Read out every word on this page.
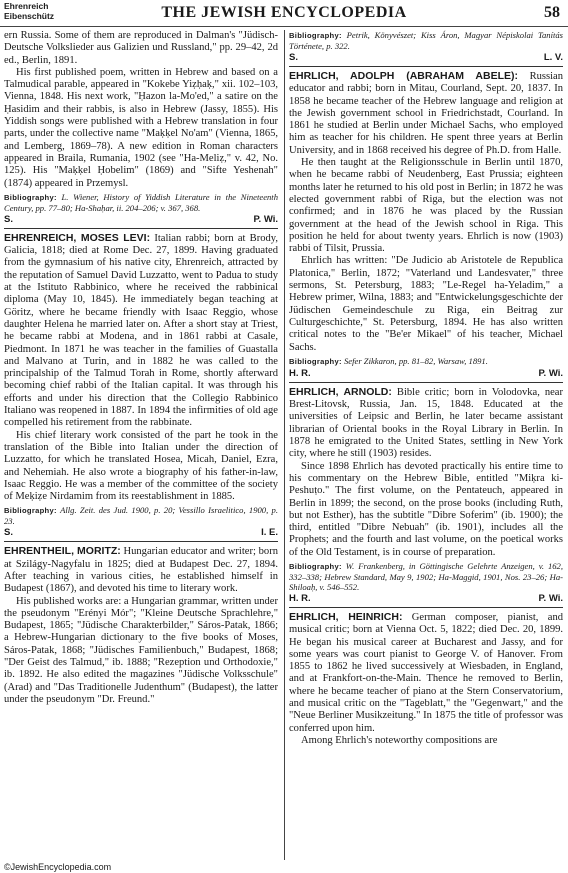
Ehrenreich
Eibenschütz	THE JEWISH ENCYCLOPEDIA	58

ern Russia. Some of them are reproduced in Dalman's "Jüdisch-Deutsche Volkslieder aus Galizien und Russland," pp. 29–42, 2d ed., Berlin, 1891.

His first published poem, written in Hebrew and based on a Talmudical parable, appeared in "Kokebe Yiẓḥaḳ," xii. 102–103, Vienna, 1848. His next work, "Ḥazon la-Mo'ed," a satire on the Ḥasidim and their rabbis, is also in Hebrew (Jassy, 1855). His Yiddish songs were published with a Hebrew translation in four parts, under the collective name "Maḳḳel No'am" (Vienna, 1865, and Lemberg, 1869–78). A new edition in Roman characters appeared in Braila, Rumania, 1902 (see "Ha-Meliẓ," v. 42, No. 125). His "Maḳḳel Ḥobelim" (1869) and "Sifte Yeshenah" (1874) appeared in Przemysl.

Bibliography: L. Wiener, History of Yiddish Literature in the Nineteenth Century, pp. 77–80; Ha-Shaḥar, ii. 204–206; v. 367, 368.

S.	P. Wi.

EHRENREICH, MOSES LEVI: Italian rabbi; born at Brody, Galicia, 1818; died at Rome Dec. 27, 1899. Having graduated from the gymnasium of his native city, Ehrenreich, attracted by the reputation of Samuel David Luzzatto, went to Padua to study at the Istituto Rabbinico, where he received the rabbinical diploma (May 10, 1845). He immediately began teaching at Göritz, where he became friendly with Isaac Reggio, whose daughter Helena he married later on. After a short stay at Triest, he became rabbi at Modena, and in 1861 rabbi at Casale, Piedmont. In 1871 he was teacher in the families of Guastalla and Malvano at Turin, and in 1882 he was called to the principalship of the Talmud Torah in Rome, shortly afterward becoming chief rabbi of the Italian capital. It was through his efforts and under his direction that the Collegio Rabbinico Italiano was reopened in 1887. In 1894 the infirmities of old age compelled his retirement from the rabbinate.

His chief literary work consisted of the part he took in the translation of the Bible into Italian under the direction of Luzzatto, for which he translated Hosea, Micah, Daniel, Ezra, and Nehemiah. He also wrote a biography of his father-in-law, Isaac Reggio. He was a member of the committee of the society of Meḳiẓe Nirdamim from its reestablishment in 1885.

Bibliography: Allg. Zeit. des Jud. 1900, p. 20; Vessillo Israelitico, 1900, p. 23.

S.	I. E.

EHRENTHEIL, MORITZ: Hungarian educator and writer; born at Szilágy-Nagyfalu in 1825; died at Budapest Dec. 27, 1894. After teaching in various cities, he established himself in Budapest (1867), and devoted his time to literary work.

His published works are: a Hungarian grammar, written under the pseudonym "Erényi Mór"; "Kleine Deutsche Sprachlehre," Budapest, 1865; "Jüdische Charakterbilder," Sáros-Patak, 1866; a Hebrew-Hungarian dictionary to the five books of Moses, Sáros-Patak, 1868; "Jüdisches Familienbuch," Budapest, 1868; "Der Geist des Talmud," ib. 1888; "Rezeption und Orthodoxie," ib. 1892. He also edited the magazines "Jüdische Volksschule" (Arad) and "Das Traditionelle Judenthum" (Budapest), the latter under the pseudonym "Dr. Freund."

Bibliography: Petrik, Könyvészet; Kiss Áron, Magyar Népiskolai Tanítás Története, p. 322.

S.	L. V.

EHRLICH, ADOLPH (ABRAHAM ABELE): Russian educator and rabbi; born in Mitau, Courland, Sept. 20, 1837. In 1858 he became teacher of the Hebrew language and religion at the Jewish government school in Friedrichstadt, Courland. In 1861 he studied at Berlin under Michael Sachs, who employed him as teacher for his children. He spent three years at Berlin University, and in 1868 received his degree of Ph.D. from Halle.

He then taught at the Religionsschule in Berlin until 1870, when he became rabbi of Neudenberg, East Prussia; eighteen months later he returned to his old post in Berlin; in 1872 he was elected government rabbi of Riga, but the election was not confirmed; and in 1876 he was placed by the Russian government at the head of the Jewish school in Riga. This position he held for about twenty years. Ehrlich is now (1903) rabbi of Tilsit, Prussia.

Ehrlich has written: "De Judicio ab Aristotele de Republica Platonica," Berlin, 1872; "Vaterland und Landesvater," three sermons, St. Petersburg, 1883; "Le-Regel ha-Yeladim," a Hebrew primer, Wilna, 1883; and "Entwickelungsgeschichte der Jüdischen Gemeindeschule zu Riga, ein Beitrag zur Culturgeschichte," St. Petersburg, 1894. He has also written critical notes to the "Be'er Mikael" of his teacher, Michael Sachs.

Bibliography: Sefer Zikkaron, pp. 81–82, Warsaw, 1891.

H. R.	P. Wi.

EHRLICH, ARNOLD: Bible critic; born in Volodovka, near Brest-Litovsk, Russia, Jan. 15, 1848. Educated at the universities of Leipsic and Berlin, he later became assistant librarian of Oriental books in the Royal Library in Berlin. In 1878 he emigrated to the United States, settling in New York city, where he still (1903) resides.

Since 1898 Ehrlich has devoted practically his entire time to his commentary on the Hebrew Bible, entitled "Miḳra ki-Peshuṭo." The first volume, on the Pentateuch, appeared in Berlin in 1899; the second, on the prose books (including Ruth, but not Esther), has the subtitle "Dibre Soferim" (ib. 1900); the third, entitled "Dibre Nebuah" (ib. 1901), includes all the Prophets; and the fourth and last volume, on the poetical works of the Old Testament, is in course of preparation.

Bibliography: W. Frankenberg, in Göttingische Gelehrte Anzeigen, v. 162, 332–338; Hebrew Standard, May 9, 1902; Ha-Maggid, 1901, Nos. 23–26; Ha-Shiloaḥ, v. 546–552.

H. R.	P. Wi.

EHRLICH, HEINRICH: German composer, pianist, and musical critic; born at Vienna Oct. 5, 1822; died Dec. 20, 1899. He began his musical career at Bucharest and Jassy, and for some years was court pianist to George V. of Hanover. From 1855 to 1862 he lived successively at Wiesbaden, in England, and at Frankfort-on-the-Main. Thence he removed to Berlin, where he became teacher of piano at the Stern Conservatorium, and musical critic on the "Tageblatt," the "Gegenwart," and the "Neue Berliner Musikzeitung." In 1875 the title of professor was conferred upon him.

Among Ehrlich's noteworthy compositions are

©JewishEncyclopedia.com
